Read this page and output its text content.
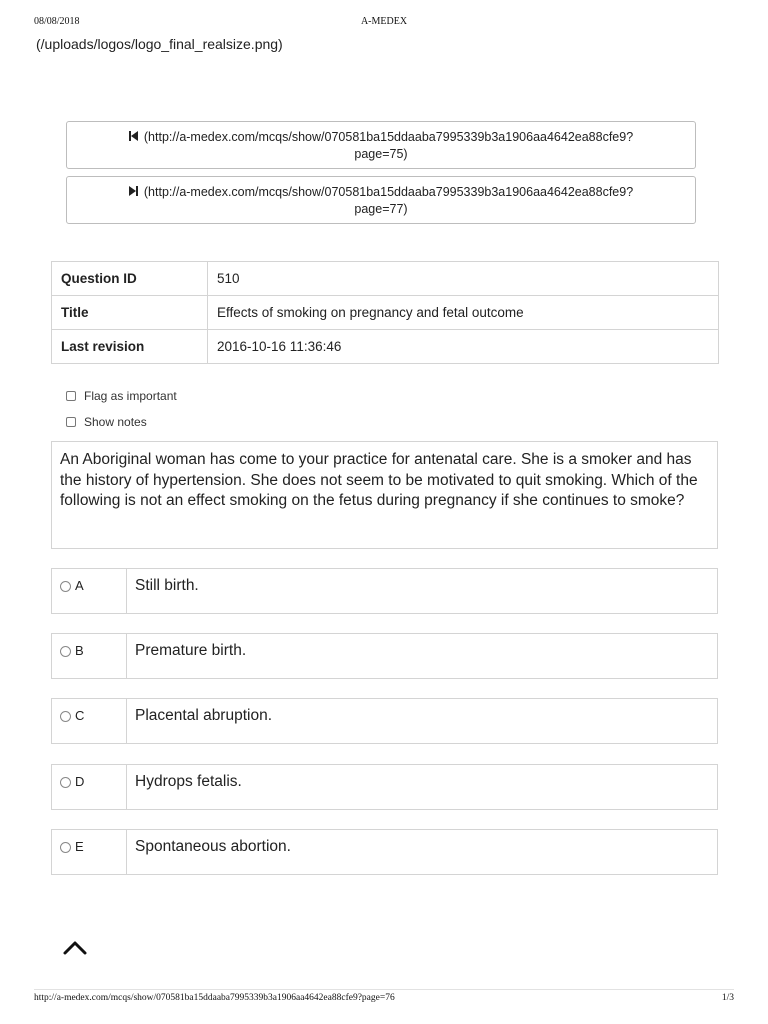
08/08/2018	A-MEDEX
(/uploads/logos/logo_final_realsize.png)
(http://a-medex.com/mcqs/show/070581ba15ddaaba7995339b3a1906aa4642ea88cfe9?
page=75)
(http://a-medex.com/mcqs/show/070581ba15ddaaba7995339b3a1906aa4642ea88cfe9?
page=77)
Question ID	510
Title	Effects of smoking on pregnancy and fetal outcome
Last revision	2016-10-16 11:36:46
Flag as important
Show notes
An Aboriginal woman has come to your practice for antenatal care. She is a smoker and has the history of hypertension. She does not seem to be motivated to quit smoking. Which of the following is not an effect smoking on the fetus during pregnancy if she continues to smoke?
A	Still birth.
B	Premature birth.
C	Placental abruption.
D	Hydrops fetalis.
E	Spontaneous abortion.
http://a-medex.com/mcqs/show/070581ba15ddaaba7995339b3a1906aa4642ea88cfe9?page=76	1/3
